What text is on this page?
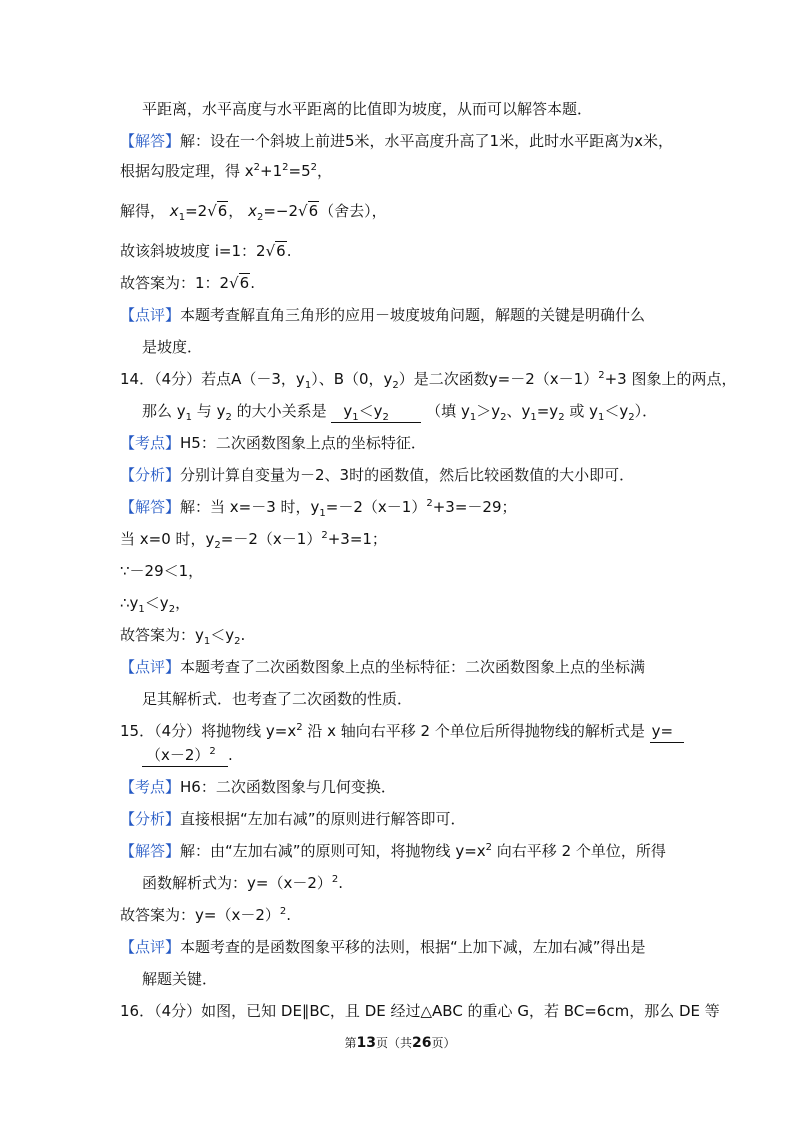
平距离，水平高度与水平距离的比值即为坡度，从而可以解答本题．
【解答】解：设在一个斜坡上前进5米，水平高度升高了1米，此时水平距离为x米，
根据勾股定理，得 $x^2+1^2=5^2$，
解得， $x_1=2√6$， $x_2=-2√6$（舍去），
故该斜坡坡度 i=1：2√6.
故答案为：1：2√6.
【点评】本题考查解直角三角形的应用－坡度坡角问题，解题的关键是明确什么
是坡度．
14．（4分）若点A（－3，$y_1$）、B（0，$y_2$）是二次函数$y=-2(x-1)^2+3$ 图象上的两点，
那么 $y_1$ 与 $y_2$ 的大小关系是 $y_1<y_2$ （填 $y_1>y_2$、$y_1=y_2$ 或 $y_1<y_2$）．
【考点】H5：二次函数图象上点的坐标特征．
【分析】分别计算自变量为－2、3时的函数值，然后比较函数值的大小即可．
【解答】解：当 x=－3 时，$y_1=-2(x-1)^2+3=-29$；
当 x=0 时，$y_2=-2(x-1)^2+3=1$；
∵－29＜1，
$\therefore y_1<y_2$，
故答案为：$y_1<y_2$.
【点评】本题考查了二次函数图象上点的坐标特征：二次函数图象上点的坐标满
足其解析式．也考查了二次函数的性质．
15．（4分）将抛物线 $y=x^2$ 沿 x 轴向右平移 2 个单位后所得抛物线的解析式是 y=
$(x-2)^2$ .
【考点】H6：二次函数图象与几何变换．
【分析】直接根据“左加右减”的原则进行解答即可．
【解答】解：由“左加右减”的原则可知，将抛物线 $y=x^2$ 向右平移 2 个单位，所得
函数解析式为：$y=(x-2)^2$.
故答案为：$y=(x-2)^2$.
【点评】本题考查的是函数图象平移的法则，根据“上加下减，左加右减”得出是
解题关键．
16．（4分）如图，已知 DE∥BC，且 DE 经过△ABC 的重心 G，若 BC=6cm，那么 DE 等
第13页（共26页）
